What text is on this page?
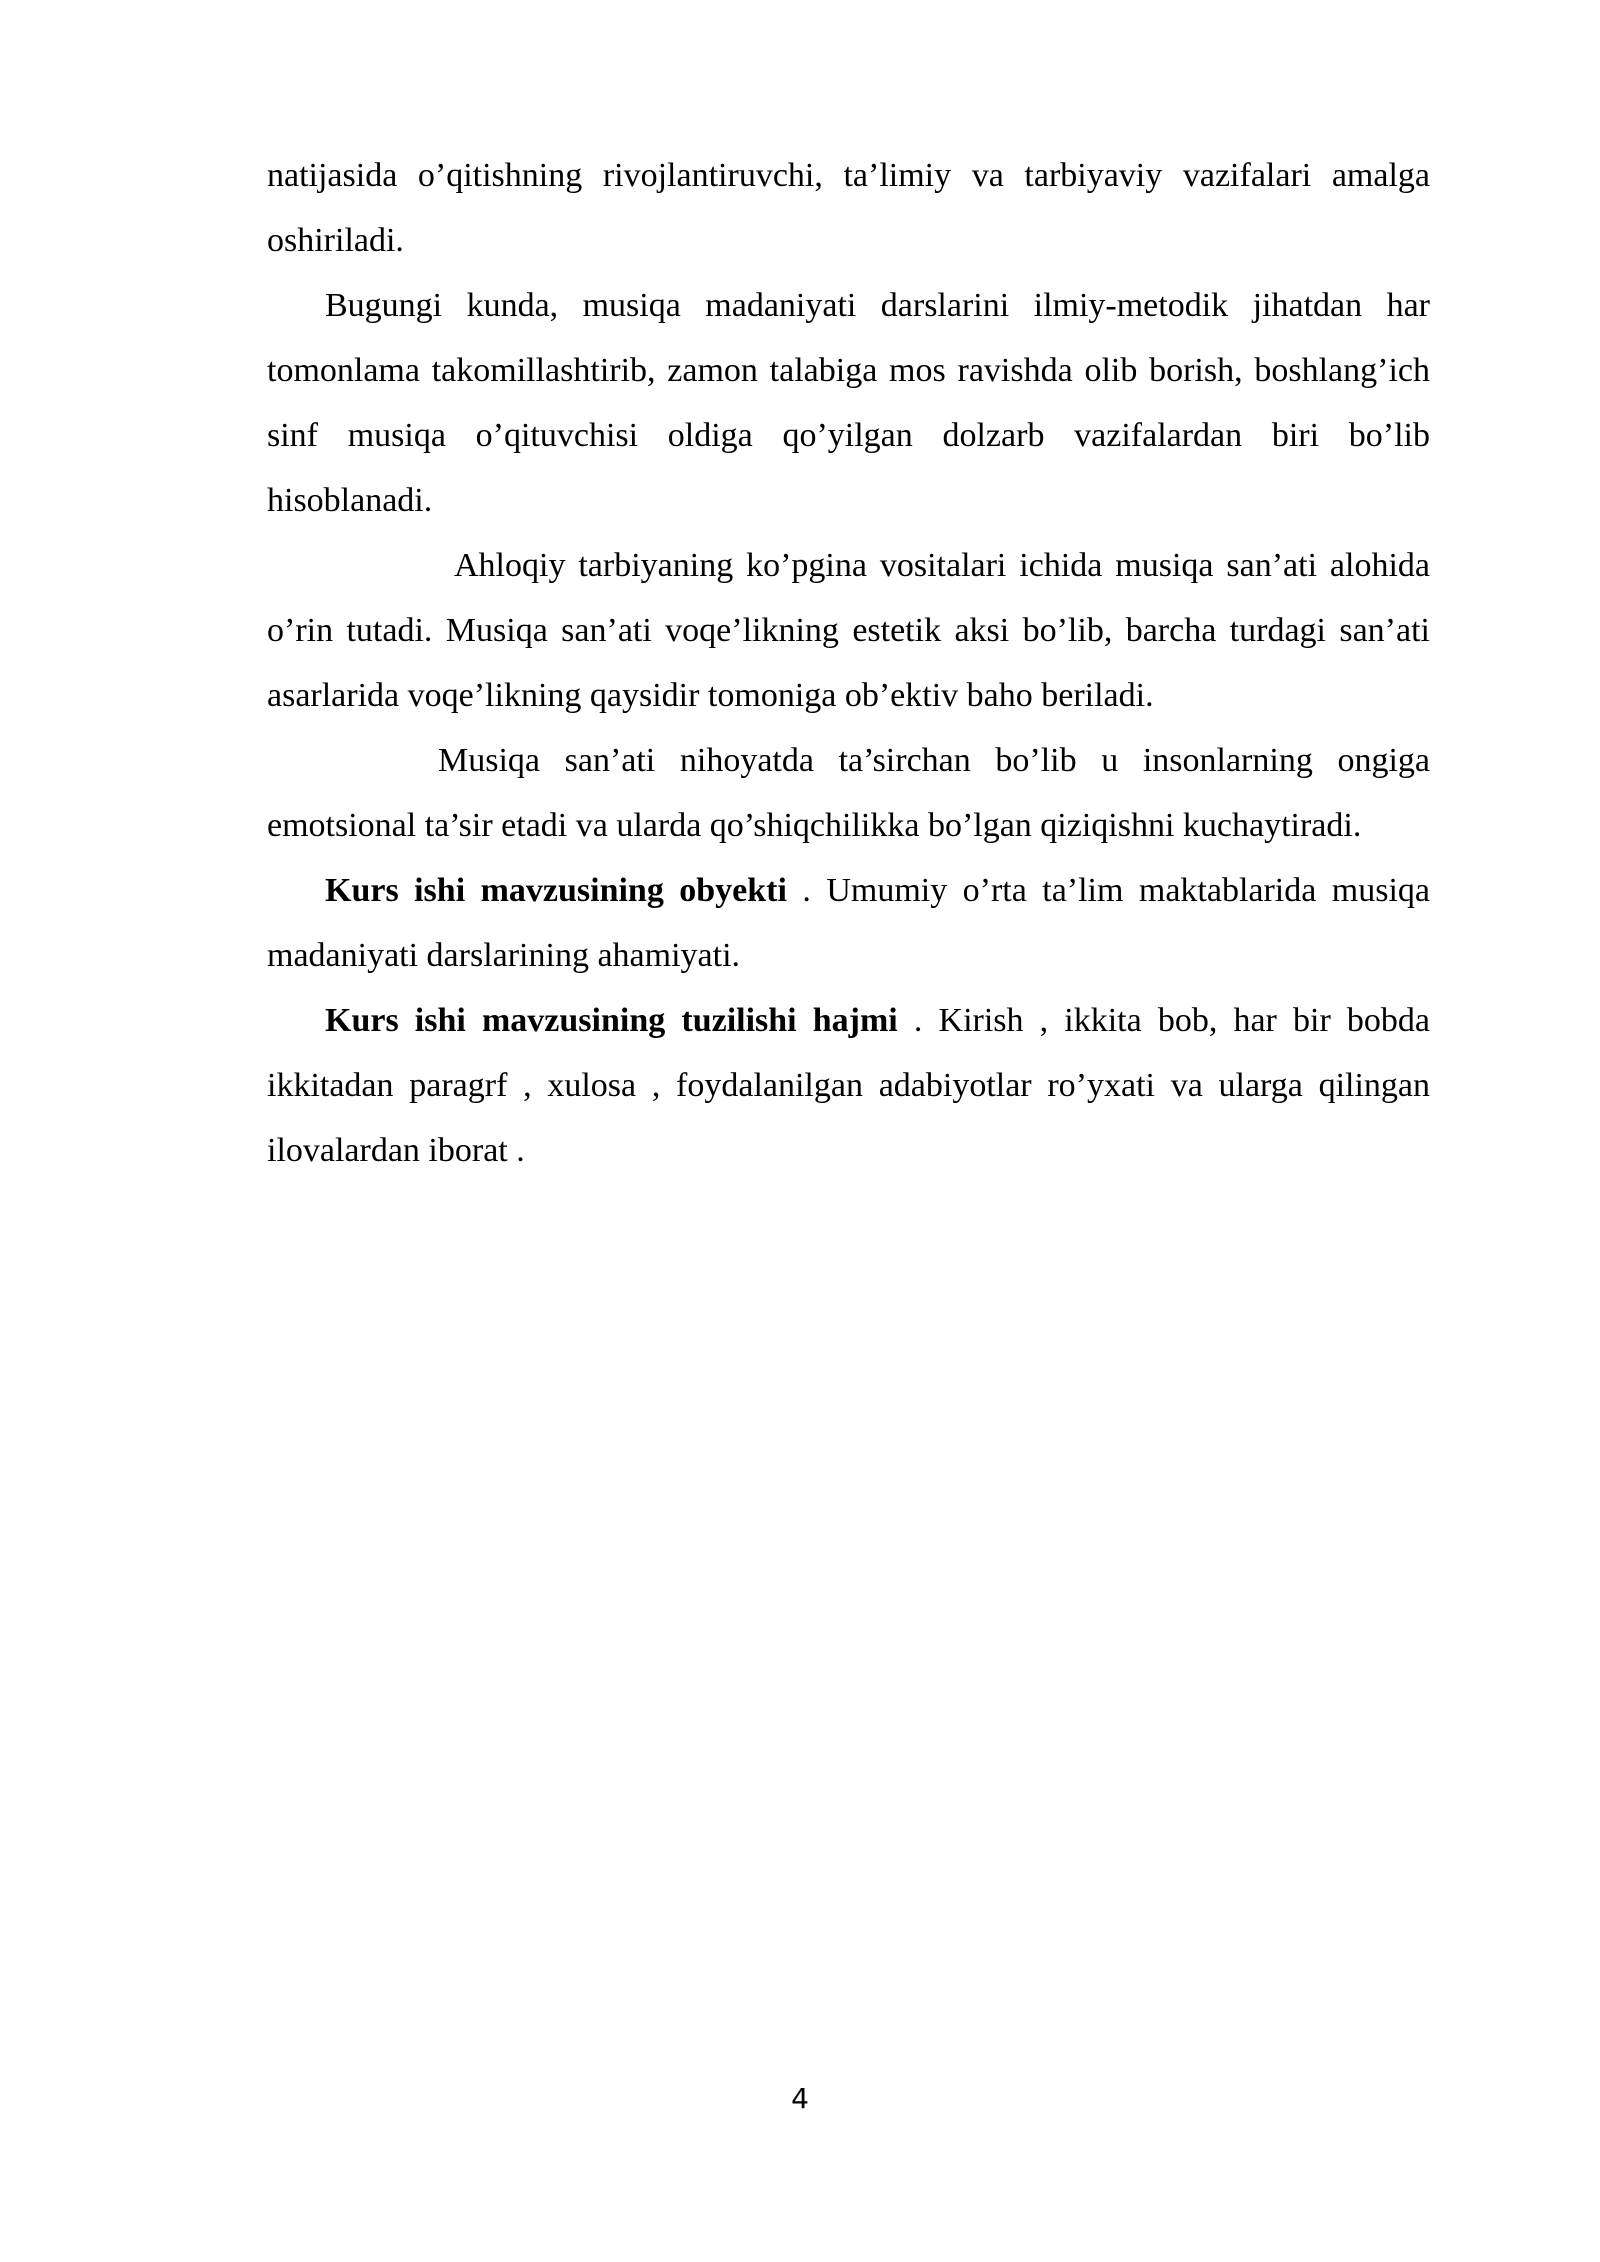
natijasida o’qitishning rivojlantiruvchi, ta’limiy va tarbiyaviy vazifalari amalga oshiriladi.

Bugungi kunda, musiqa madaniyati darslarini ilmiy-metodik jihatdan har tomonlama takomillashtirib, zamon talabiga mos ravishda olib borish, boshlang’ich sinf musiqa o’qituvchisi oldiga qo’yilgan dolzarb vazifalardan biri bo’lib hisoblanadi.

Ahloqiy tarbiyaning ko’pgina vositalari ichida musiqa san’ati alohida o’rin tutadi. Musiqa san’ati voqe’likning estetik aksi bo’lib, barcha turdagi san’ati asarlarida voqe’likning qaysidir tomoniga ob’ektiv baho beriladi.

Musiqa san’ati nihoyatda ta’sirchan bo’lib u insonlarning ongiga emotsional ta’sir etadi va ularda qo’shiqchilikka bo’lgan qiziqishni kuchaytiradi.

Kurs ishi mavzusining obyekti . Umumiy o’rta ta’lim maktablarida musiqa madaniyati darslarining ahamiyati.

Kurs ishi mavzusining tuzilishi hajmi . Kirish , ikkita bob, har bir bobda ikkitadan paragrf , xulosa , foydalanilgan adabiyotlar ro’yxati va ularga qilingan ilovalardan iborat .

4
